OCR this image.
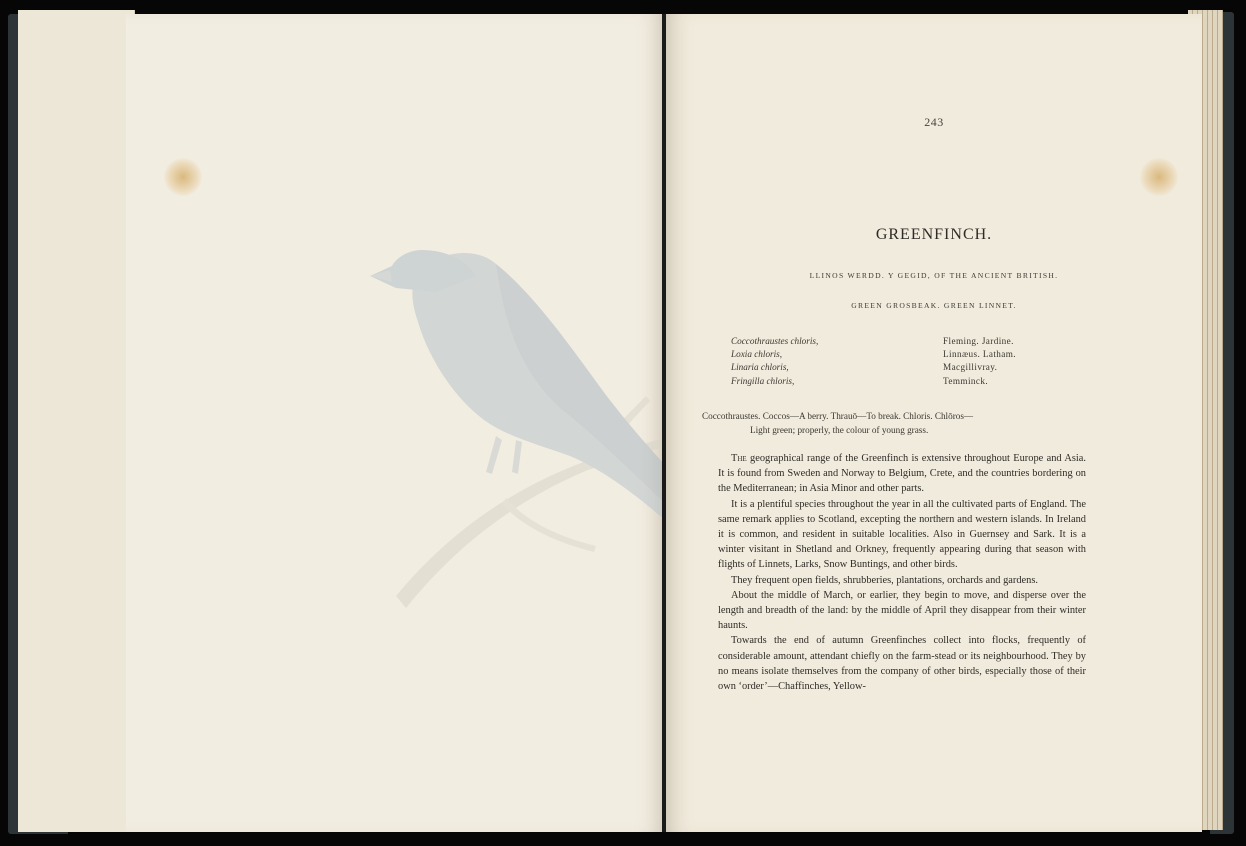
243
GREENFINCH.
LLINOS WERDD. Y GEGID, OF THE ANCIENT BRITISH.
GREEN GROSBEAK. GREEN LINNET.
Coccothraustes chloris,
Loxia chloris,
Linaria chloris,
Fringilla chloris,
Fleming. Jardine.
Linnæus. Latham.
Macgillivray.
Temminck.
Coccothraustes. Coccos—A berry. Thrauō—To break. Chloris. Chlōros—
Light green; properly, the colour of young grass.

The geographical range of the Greenfinch is extensive throughout Europe and Asia. It is found from Sweden and Norway to Belgium, Crete, and the countries bordering on the Mediterranean; in Asia Minor and other parts.

It is a plentiful species throughout the year in all the cultivated parts of England. The same remark applies to Scotland, excepting the northern and western islands. In Ireland it is common, and resident in suitable localities. Also in Guernsey and Sark. It is a winter visitant in Shetland and Orkney, frequently appearing during that season with flights of Linnets, Larks, Snow Buntings, and other birds.

They frequent open fields, shrubberies, plantations, orchards and gardens.

About the middle of March, or earlier, they begin to move, and disperse over the length and breadth of the land: by the middle of April they disappear from their winter haunts.

Towards the end of autumn Greenfinches collect into flocks, frequently of considerable amount, attendant chiefly on the farm-stead or its neighbourhood. They by no means isolate themselves from the company of other birds, especially those of their own ‘order’—Chaffinches, Yellow-
